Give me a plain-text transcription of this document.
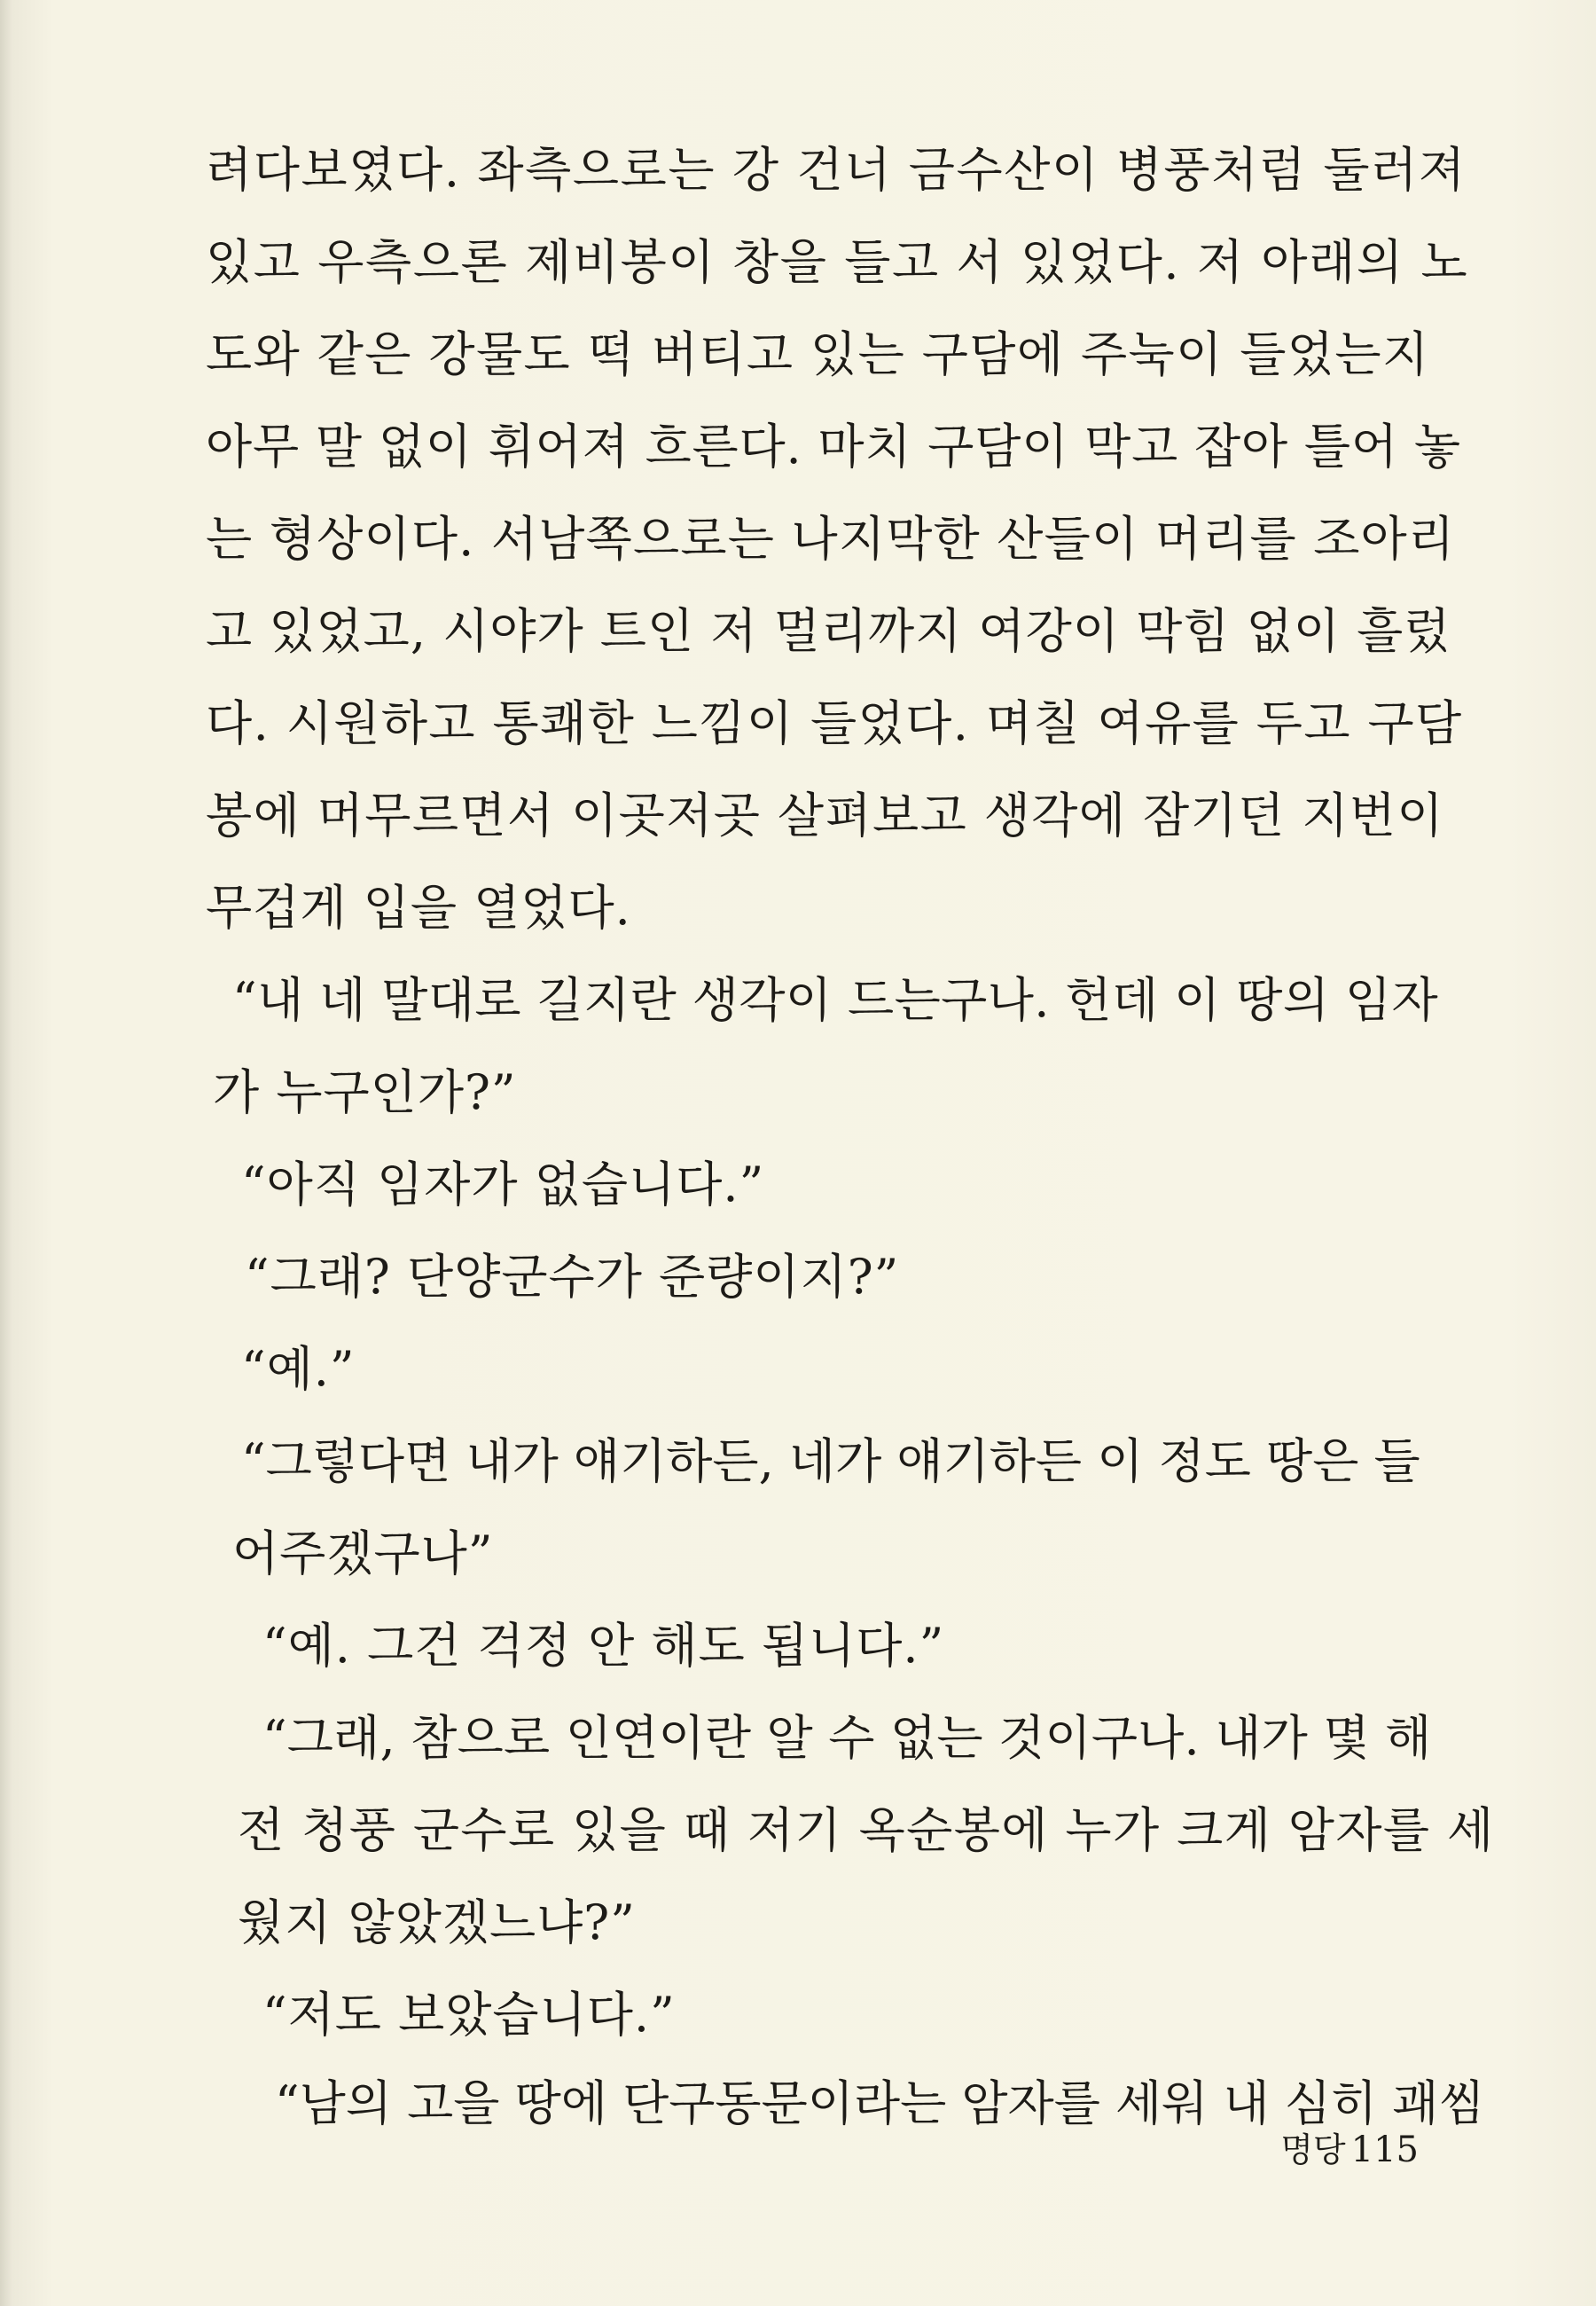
려다보였다. 좌측으로는 강 건너 금수산이 병풍처럼 둘러져
있고 우측으론 제비봉이 창을 들고 서 있었다. 저 아래의 노
도와 같은 강물도 떡 버티고 있는 구담에 주눅이 들었는지
아무 말 없이 휘어져 흐른다. 마치 구담이 막고 잡아 틀어 놓
는 형상이다. 서남쪽으로는 나지막한 산들이 머리를 조아리
고 있었고, 시야가 트인 저 멀리까지 여강이 막힘 없이 흘렀
다. 시원하고 통쾌한 느낌이 들었다. 며칠 여유를 두고 구담
봉에 머무르면서 이곳저곳 살펴보고 생각에 잠기던 지번이
무겁게 입을 열었다.
“내 네 말대로 길지란 생각이 드는구나. 헌데 이 땅의 임자
가 누구인가?”
“아직 임자가 없습니다.”
“그래? 단양군수가 준량이지?”
“예.”
“그렇다면 내가 얘기하든, 네가 얘기하든 이 정도 땅은 들
어주겠구나”
“예. 그건 걱정 안 해도 됩니다.”
“그래, 참으로 인연이란 알 수 없는 것이구나. 내가 몇 해
전 청풍 군수로 있을 때 저기 옥순봉에 누가 크게 암자를 세
웠지 않았겠느냐?”
“저도 보았습니다.”
“남의 고을 땅에 단구동문이라는 암자를 세워 내 심히 괘씸
명당 115
